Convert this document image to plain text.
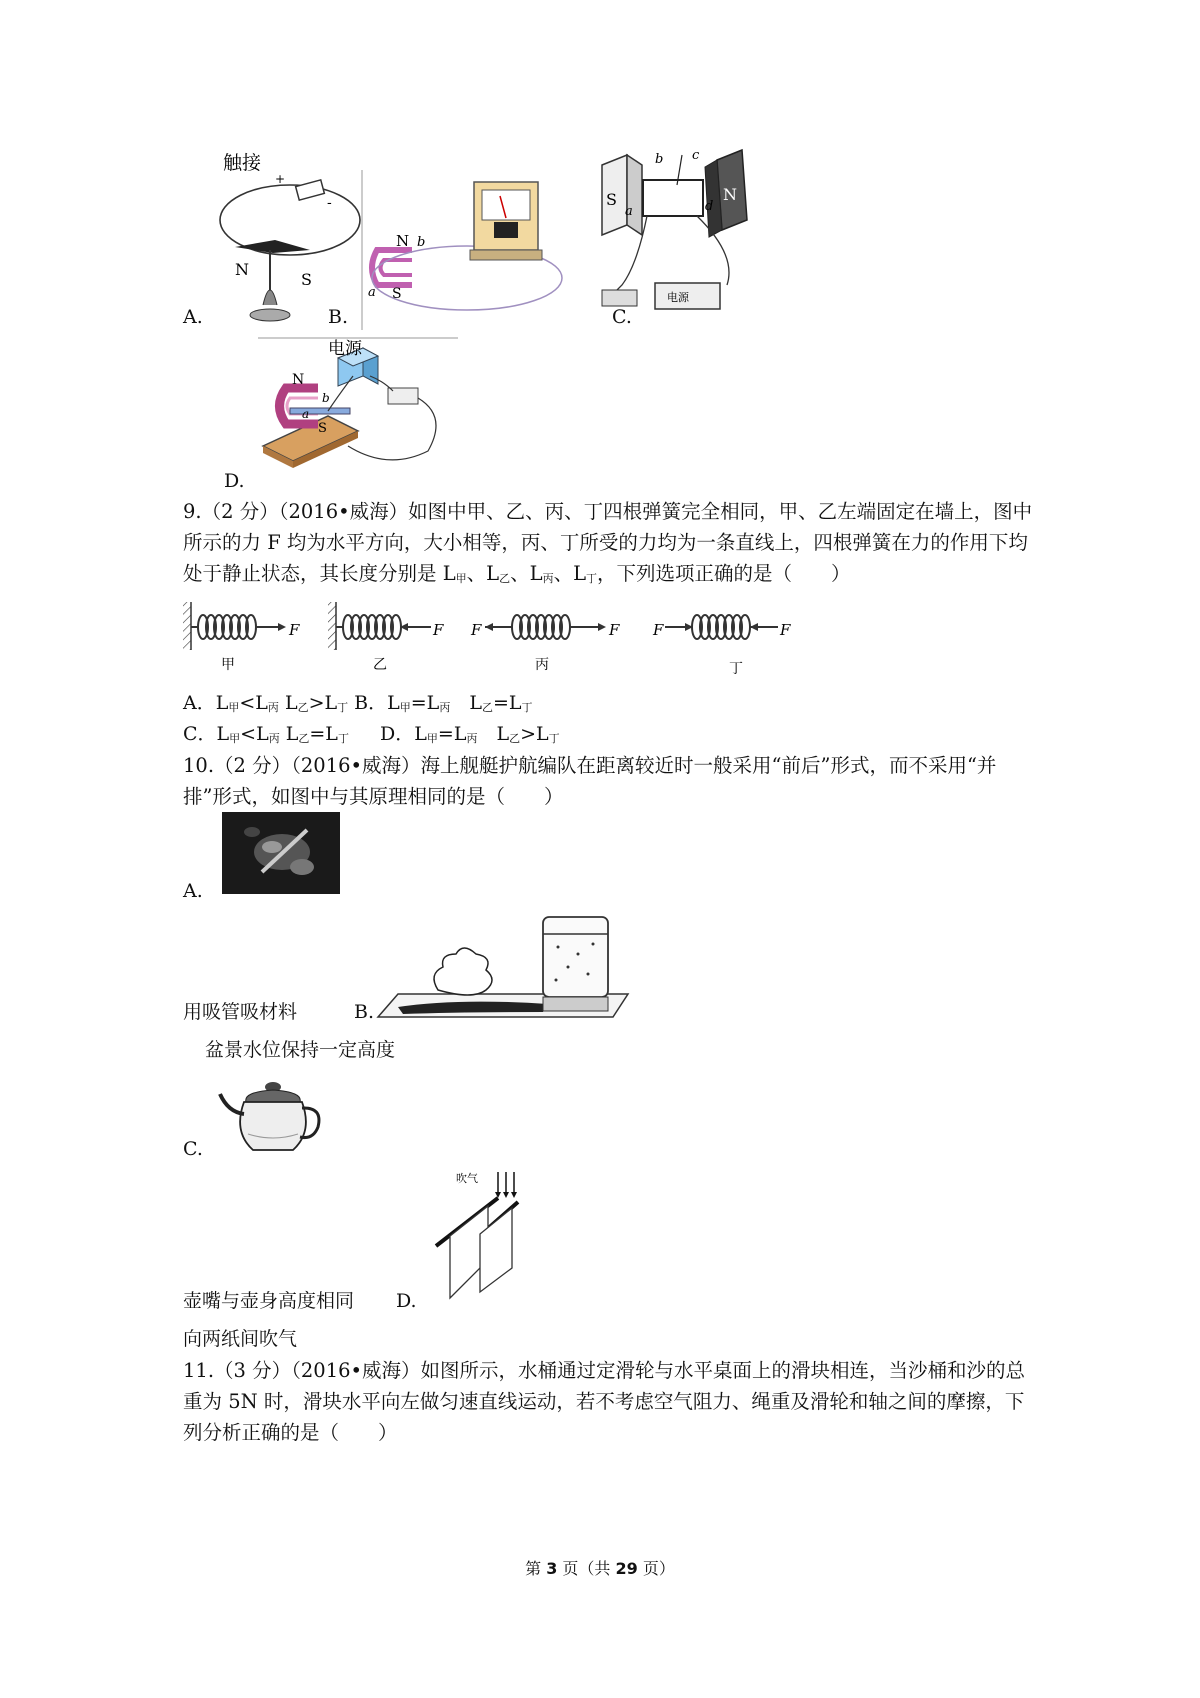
触接
+
-
N
S
A.
N b
a S
B.
S	N
a
b c
d
电源
C.
电源
N
a
b
S
D.
9.（2 分）（2016•威海）如图中甲、乙、丙、丁四根弹簧完全相同，甲、乙左端固定在墙上，图中所示的力 F 均为水平方向，大小相等，丙、丁所受的力均为一条直线上，四根弹簧在力的作用下均处于静止状态，其长度分别是 L甲、L乙、L丙、L丁，下列选项正确的是（　　）
F
甲
F
乙
F	F
丙
F	F
丁
A．L甲<L丙 L乙>L丁 B．L甲=L丙　L乙=L丁
C．L甲<L丙 L乙=L丁 　 D．L甲=L丙　L乙>L丁
10.（2 分）（2016•威海）海上舰艇护航编队在距离较近时一般采用“前后”形式，而不采用“并排”形式，如图中与其原理相同的是（　　）
A.
用吸管吸材料	B.
盆景水位保持一定高度
C.
吹气
壶嘴与壶身高度相同 D.
向两纸间吹气
11.（3 分）（2016•威海）如图所示，水桶通过定滑轮与水平桌面上的滑块相连，当沙桶和沙的总重为 5N 时，滑块水平向左做匀速直线运动，若不考虑空气阻力、绳重及滑轮和轴之间的摩擦，下列分析正确的是（　　）
第 3 页（共 29 页）
